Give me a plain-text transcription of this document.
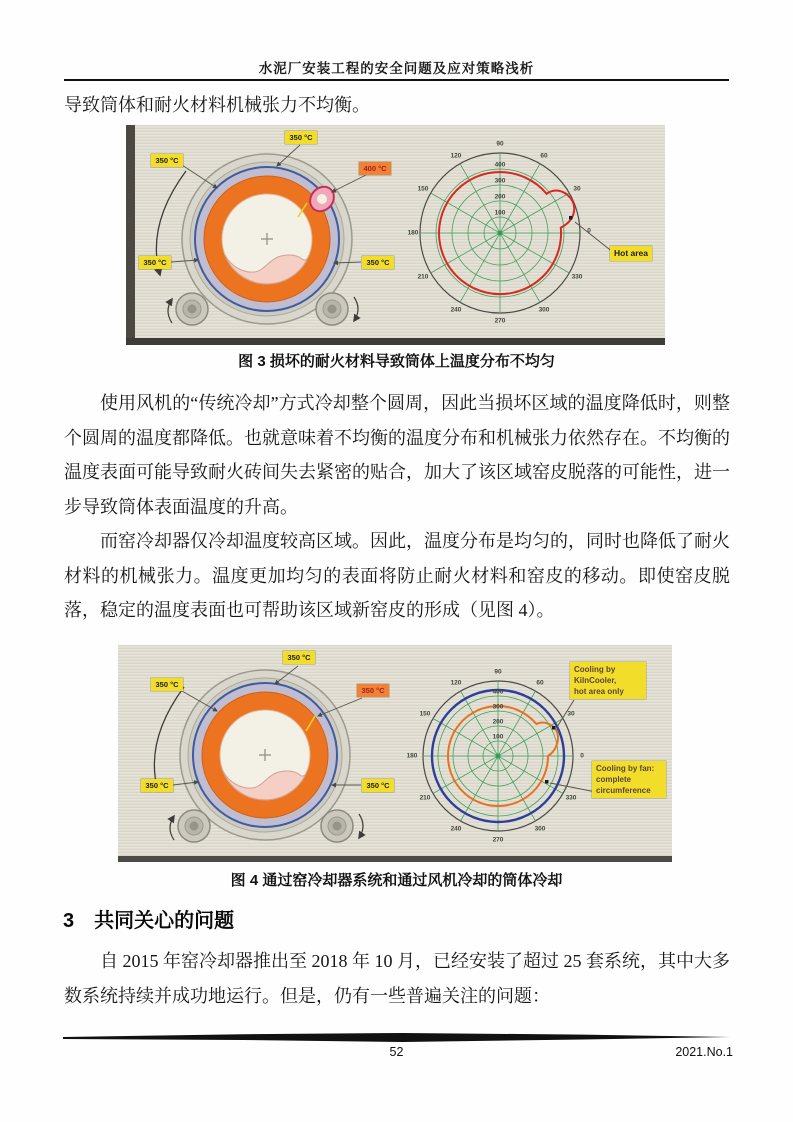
水泥厂安装工程的安全问题及应对策略浅析
导致筒体和耐火材料机械张力不均衡。
350 °C
350 °C
400 °C
350 °C	350 °C
90
60
30
0
330
300
270
240
210
180
150
120
400
300
200
100
Hot area
图 3 损坏的耐火材料导致筒体上温度分布不均匀
使用风机的“传统冷却”方式冷却整个圆周，因此当损坏区域的温度降低时，则整个圆周的温度都降低。也就意味着不均衡的温度分布和机械张力依然存在。不均衡的温度表面可能导致耐火砖间失去紧密的贴合，加大了该区域窑皮脱落的可能性，进一步导致筒体表面温度的升高。
而窑冷却器仅冷却温度较高区域。因此，温度分布是均匀的，同时也降低了耐火材料的机械张力。温度更加均匀的表面将防止耐火材料和窑皮的移动。即使窑皮脱落，稳定的温度表面也可帮助该区域新窑皮的形成（见图 4）。
350 °C
350 °C
350 °C
350 °C	350 °C
90
60
30
0
330
300
270
240
210
180
150
120
400
300
200
100
Cooling by
KilnCooler,
hot area only
Cooling by fan:
complete
circumference
图 4 通过窑冷却器系统和通过风机冷却的筒体冷却
3 共同关心的问题
自 2015 年窑冷却器推出至 2018 年 10 月，已经安装了超过 25 套系统，其中大多数系统持续并成功地运行。但是，仍有一些普遍关注的问题：
52	2021.No.1
